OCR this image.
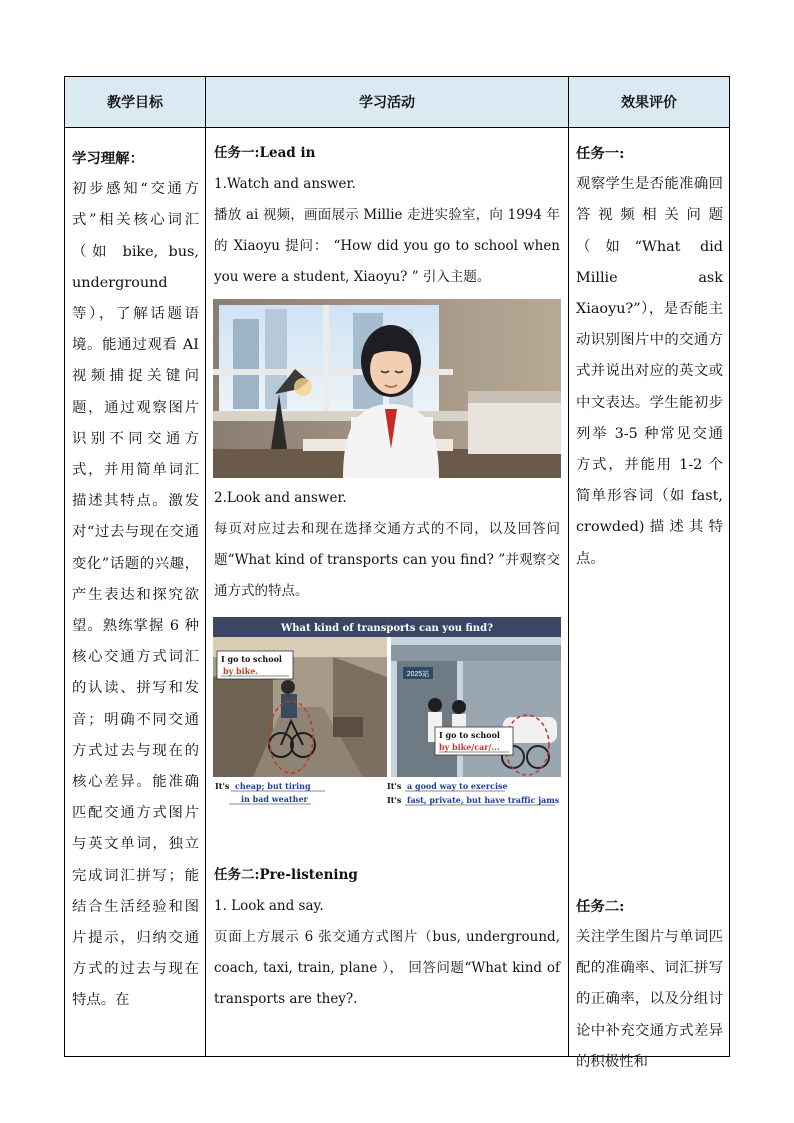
教学目标	学习活动	效果评价

学习理解：

初步感知“交通方式”相关核心词汇（如 bike, bus, underground 等），了解话题语境。能通过观看 AI 视频捕捉关键问题，通过观察图片识别不同交通方式，并用简单词汇描述其特点。激发对“过去与现在交通变化”话题的兴趣，产生表达和探究欲望。熟练掌握 6 种核心交通方式词汇的认读、拼写和发音；明确不同交通方式过去与现在的核心差异。能准确匹配交通方式图片与英文单词，独立完成词汇拼写；能结合生活经验和图片提示，归纳交通方式的过去与现在特点。在

任务一:Lead in

1.Watch and answer.

播放 ai 视频，画面展示 Millie 走进实验室，向 1994 年的 Xiaoyu 提问： “How did you go to school when you were a student, Xiaoyu? ” 引入主题。

2.Look and answer.

每页对应过去和现在选择交通方式的不同，以及回答问题“What kind of transports can you find? ”并观察交通方式的特点。

2025站
What kind of transports can you find?
I go to school
by bike.
I go to school
by bike/car/...
It's cheap; but tiring
in bad weather
It's a good way to exercise
It's fast, private, but have traffic jams

任务二:Pre-listening

1. Look and say.

页面上方展示 6 张交通方式图片（bus, underground, coach, taxi, train, plane ）， 回答问题“What kind of transports are they?.

任务一:

观察学生是否能准确回答视频相关问题（如“What did Millie ask Xiaoyu?”），是否能主动识别图片中的交通方式并说出对应的英文或中文表达。学生能初步列举 3-5 种常见交通方式，并能用 1-2 个简单形容词（如 fast, crowded)描述其特点。

任务二:

关注学生图片与单词匹配的准确率、词汇拼写的正确率，以及分组讨论中补充交通方式差异的积极性和
